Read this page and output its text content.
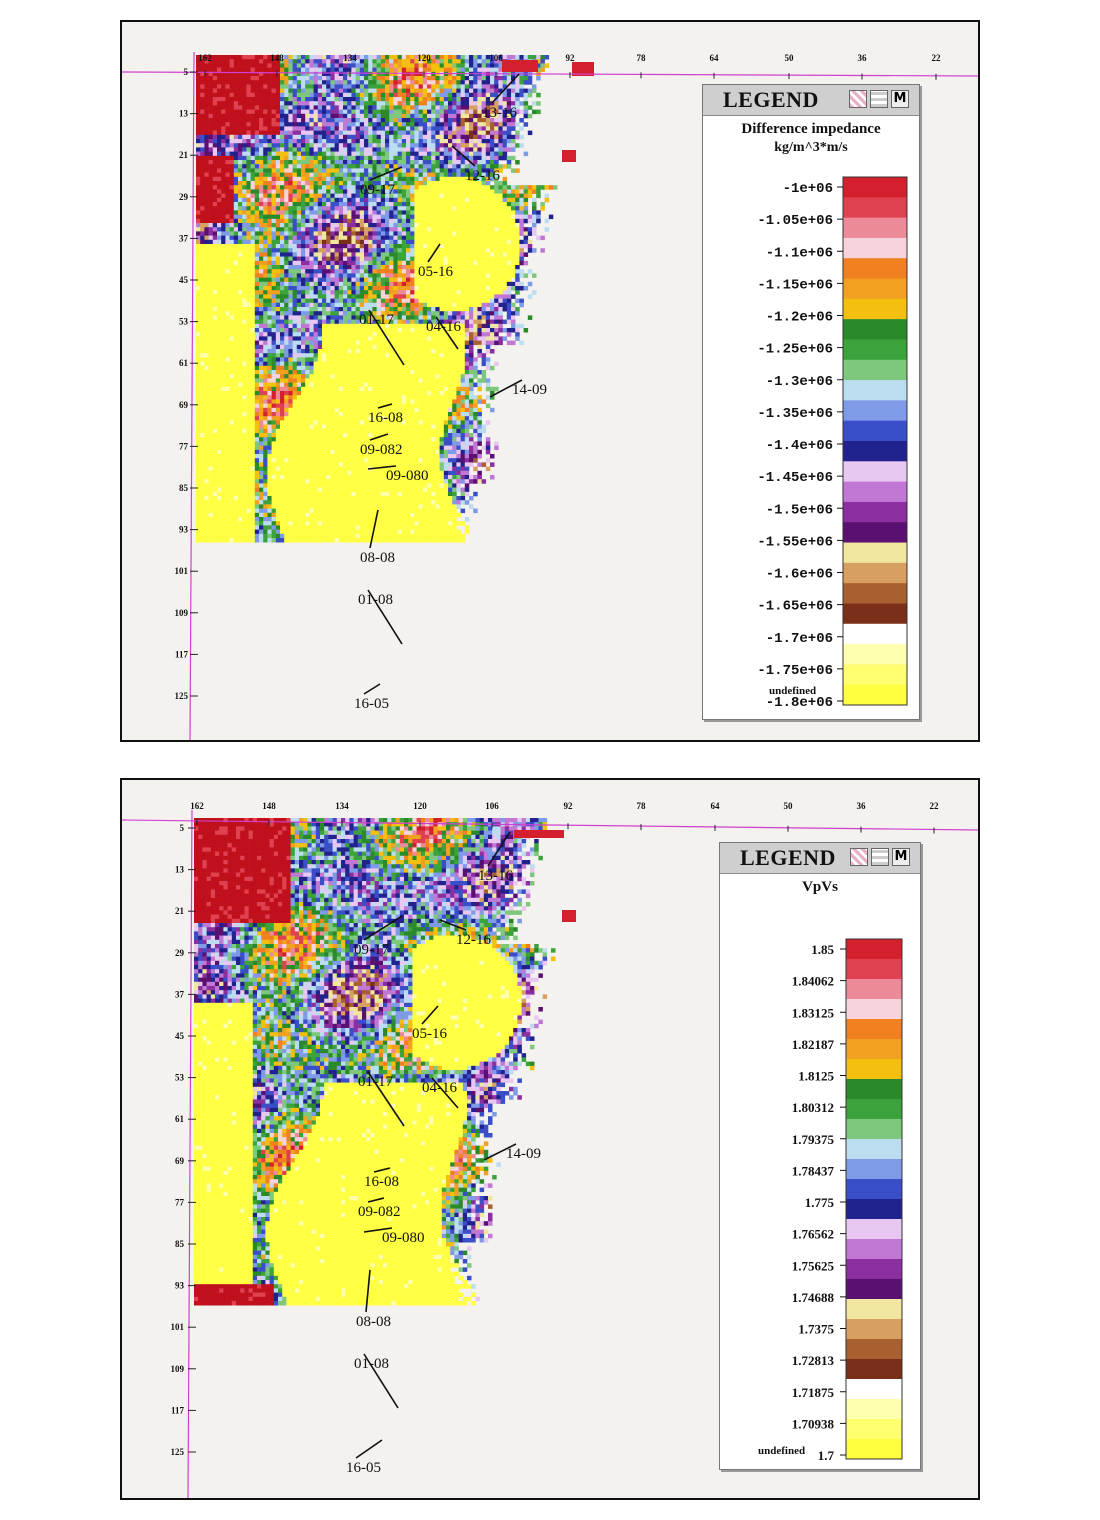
162	148	134	120	106	92	78	64	50	36	22
5
13
21
29
37
45
53
61
69
77
85
93
101
109
117
125
13-16
12-16
09-17
05-16
01-17 04-16
14-09
16-08
09-082
09-080
08-08
01-08
16-05
LEGEND	M
Difference impedance
kg/m^3*m/s
-1e+06
-1.05e+06
-1.1e+06
-1.15e+06
-1.2e+06
-1.25e+06
-1.3e+06
-1.35e+06
-1.4e+06
-1.45e+06
-1.5e+06
-1.55e+06
-1.6e+06
-1.65e+06
-1.7e+06
-1.75e+06
-1.8e+06
undefined
162	148	134	120	106	92	78	64	50	36	22
5
13
21
29
37
45
53
61
69
77
85
93
101
109
117
125
13-16
12-16
09-17
05-16
01-17 04-16
14-09
16-08
09-082
09-080
08-08
01-08
16-05
LEGEND	M
VpVs
1.85
1.84062
1.83125
1.82187
1.8125
1.80312
1.79375
1.78437
1.775
1.76562
1.75625
1.74688
1.7375
1.72813
1.71875
1.70938
1.7
undefined
